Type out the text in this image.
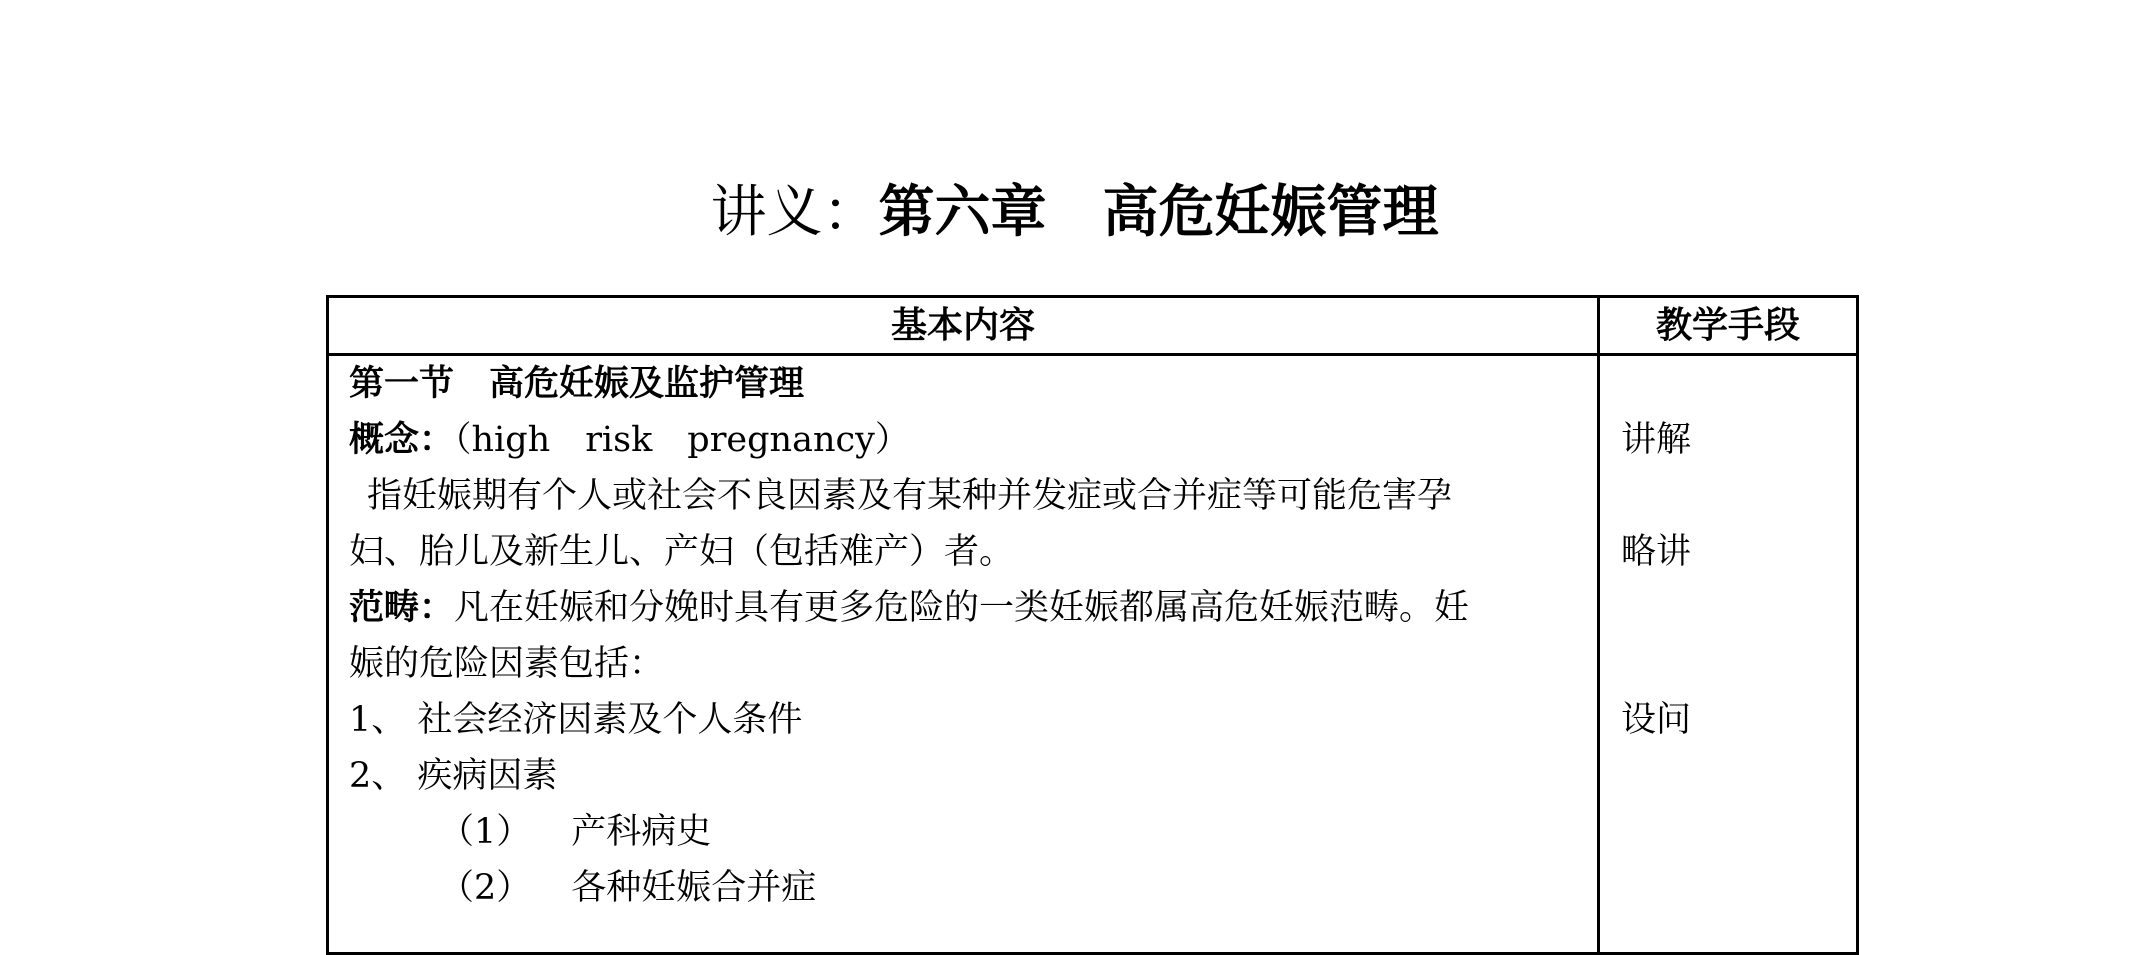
讲义：第六章 高危妊娠管理
基本内容	教学手段
第一节　高危妊娠及监护管理
概念：（high　risk　pregnancy）
指妊娠期有个人或社会不良因素及有某种并发症或合并症等可能危害孕
妇、胎儿及新生儿、产妇（包括难产）者。
范畴：凡在妊娠和分娩时具有更多危险的一类妊娠都属高危妊娠范畴。妊
娠的危险因素包括：
1、 社会经济因素及个人条件
2、 疾病因素
（1） 产科病史
（2） 各种妊娠合并症
讲解
略讲
设问
